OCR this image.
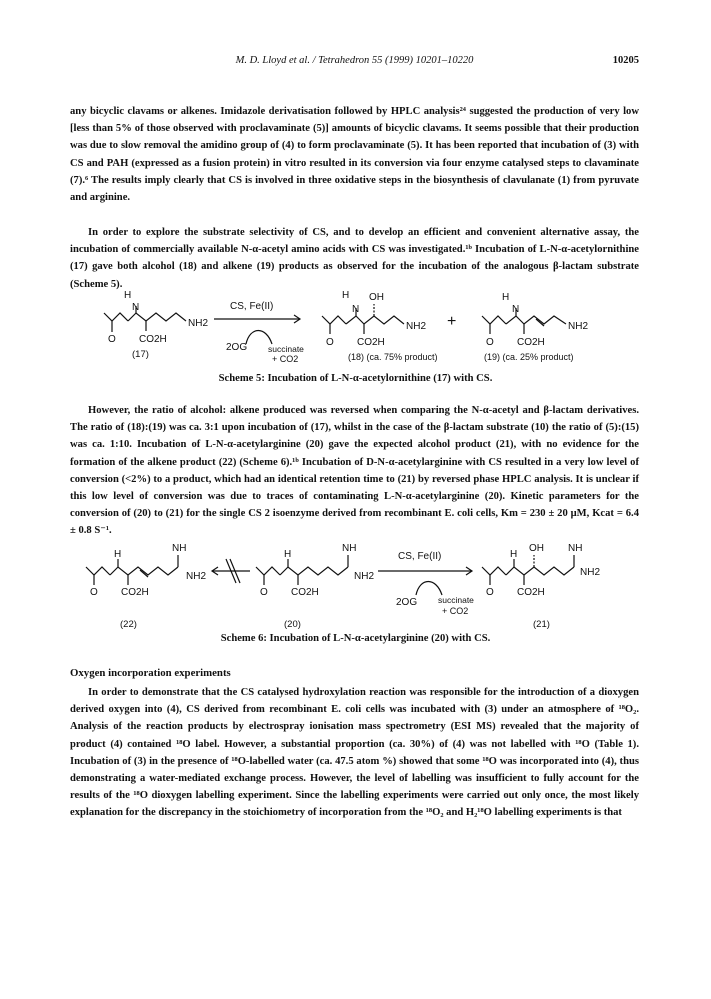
M. D. Lloyd et al. / Tetrahedron 55 (1999) 10201–10220	10205

any bicyclic clavams or alkenes. Imidazole derivatisation followed by HPLC analysis²⁴ suggested the production of very low [less than 5% of those observed with proclavaminate (5)] amounts of bicyclic clavams. It seems possible that their production was due to slow removal the amidino group of (4) to form proclavaminate (5). It has been reported that incubation of (3) with CS and PAH (expressed as a fusion protein) in vitro resulted in its conversion via four enzyme catalysed steps to clavaminate (7).⁶ The results imply clearly that CS is involved in three oxidative steps in the biosynthesis of clavulanate (1) from pyruvate and arginine.

In order to explore the substrate selectivity of CS, and to develop an efficient and convenient alternative assay, the incubation of commercially available N-α-acetyl amino acids with CS was investigated.¹ᵇ Incubation of L-N-α-acetylornithine (17) gave both alcohol (18) and alkene (19) products as observed for the incubation of the analogous β-lactam substrate (Scheme 5).

H
N
NH2
O CO2H
H
N
OH
NH2
O CO2H
H
N
NH2
O CO2H
CS, Fe(II)
2OG succinate
+ CO2
+
(17)	(18) (ca. 75% product)	(19) (ca. 25% product)
Scheme 5: Incubation of L-N-α-acetylornithine (17) with CS.

However, the ratio of alcohol: alkene produced was reversed when comparing the N-α-acetyl and β-lactam derivatives. The ratio of (18):(19) was ca. 3:1 upon incubation of (17), whilst in the case of the β-lactam substrate (10) the ratio of (5):(15) was ca. 1:10. Incubation of L-N-α-acetylarginine (20) gave the expected alcohol product (21), with no evidence for the formation of the alkene product (22) (Scheme 6).¹ᵇ Incubation of D-N-α-acetylarginine with CS resulted in a very low level of conversion (<2%) to a product, which had an identical retention time to (21) by reversed phase HPLC analysis. It is unclear if this low level of conversion was due to traces of contaminating L-N-α-acetylarginine (20). Kinetic parameters for the conversion of (20) to (21) for the single CS 2 isoenzyme derived from recombinant E. coli cells, Km = 230 ± 20 μM, Kcat = 6.4 ± 0.8 S⁻¹.

H
NH
NH2
O CO2H
H
NH
NH2
O CO2H
H
OH NH
NH2
O CO2H
CS, Fe(II)
2OG succinate
+ CO2
(22)	(20)	(21)
Scheme 6: Incubation of L-N-α-acetylarginine (20) with CS.
Oxygen incorporation experiments

In order to demonstrate that the CS catalysed hydroxylation reaction was responsible for the introduction of a dioxygen derived oxygen into (4), CS derived from recombinant E. coli cells was incubated with (3) under an atmosphere of ¹⁸O₂. Analysis of the reaction products by electrospray ionisation mass spectrometry (ESI MS) revealed that the majority of product (4) contained ¹⁸O label. However, a substantial proportion (ca. 30%) of (4) was not labelled with ¹⁸O (Table 1). Incubation of (3) in the presence of ¹⁸O-labelled water (ca. 47.5 atom %) showed that some ¹⁸O was incorporated into (4), thus demonstrating a water-mediated exchange process. However, the level of labelling was insufficient to fully account for the results of the ¹⁸O dioxygen labelling experiment. Since the labelling experiments were carried out only once, the most likely explanation for the discrepancy in the stoichiometry of incorporation from the ¹⁸O₂ and H₂¹⁸O labelling experiments is that
